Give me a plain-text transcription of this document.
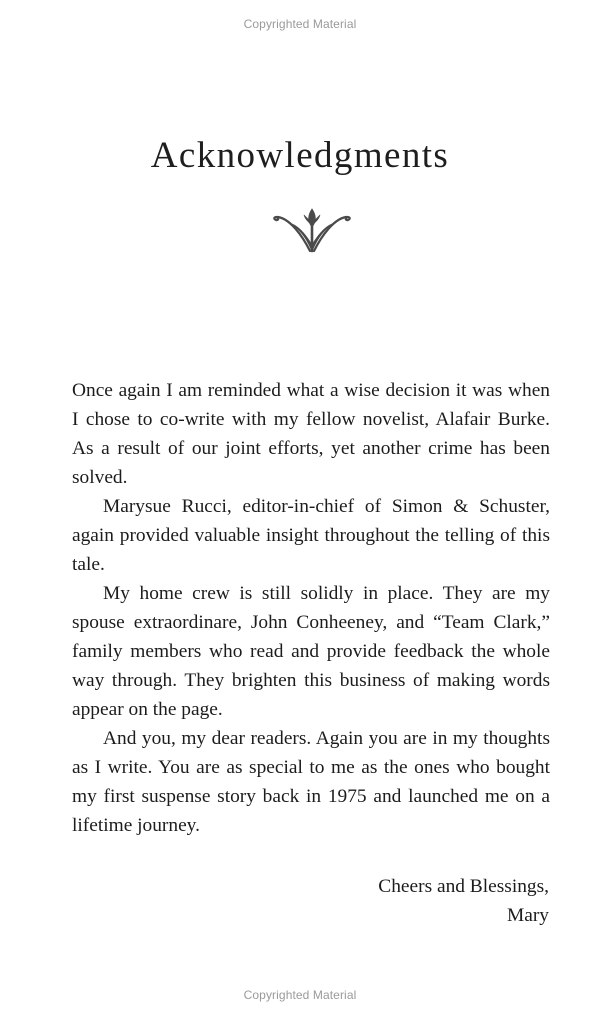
Copyrighted Material
Acknowledgments

Once again I am reminded what a wise decision it was when I chose to co-write with my fellow novelist, Alafair Burke. As a result of our joint efforts, yet another crime has been solved.

Marysue Rucci, editor-in-chief of Simon & Schuster, again provided valuable insight throughout the telling of this tale.

My home crew is still solidly in place. They are my spouse extraordinare, John Conheeney, and “Team Clark,” family members who read and provide feedback the whole way through. They brighten this business of making words appear on the page.

And you, my dear readers. Again you are in my thoughts as I write. You are as special to me as the ones who bought my first suspense story back in 1975 and launched me on a lifetime journey.

Cheers and Blessings,
Mary
Copyrighted Material
